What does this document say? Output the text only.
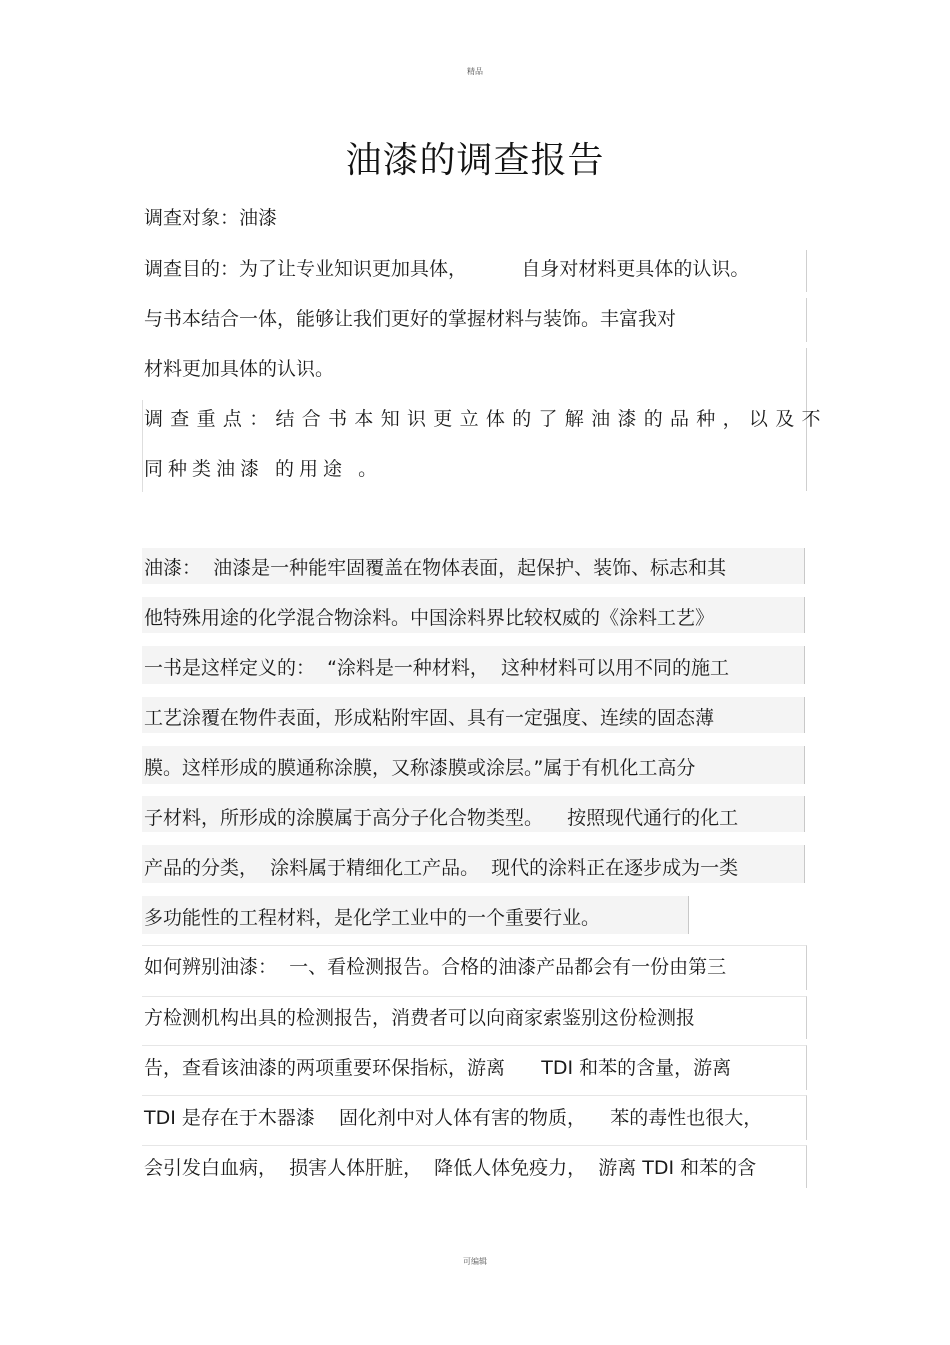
精品
油漆的调查报告
调查对象：油漆
调查目的：为了让专业知识更加具体，         自身对材料更具体的认识。
与书本结合一体，能够让我们更好的掌握材料与装饰。丰富我对
材料更加具体的认识。
调查重点：结合书本知识更立体的了解油漆的品种，以及不
同种类油漆 的用途 。
油漆：  油漆是一种能牢固覆盖在物体表面，起保护、装饰、标志和其
他特殊用途的化学混合物涂料。中国涂料界比较权威的《涂料工艺》
一书是这样定义的：  “涂料是一种材料，  这种材料可以用不同的施工
工艺涂覆在物件表面，形成粘附牢固、具有一定强度、连续的固态薄
膜。这样形成的膜通称涂膜，又称漆膜或涂层。”属于有机化工高分
子材料，所形成的涂膜属于高分子化合物类型。    按照现代通行的化工
产品的分类，  涂料属于精细化工产品。  现代的涂料正在逐步成为一类
多功能性的工程材料，是化学工业中的一个重要行业。
如何辨别油漆：  一、看检测报告。合格的油漆产品都会有一份由第三
方检测机构出具的检测报告，消费者可以向商家索鉴别这份检测报
告，查看该油漆的两项重要环保指标，游离      TDI 和苯的含量，游离
TDI 是存在于木器漆    固化剂中对人体有害的物质，    苯的毒性也很大，
会引发白血病，  损害人体肝脏，  降低人体免疫力，  游离 TDI 和苯的含
可编辑
